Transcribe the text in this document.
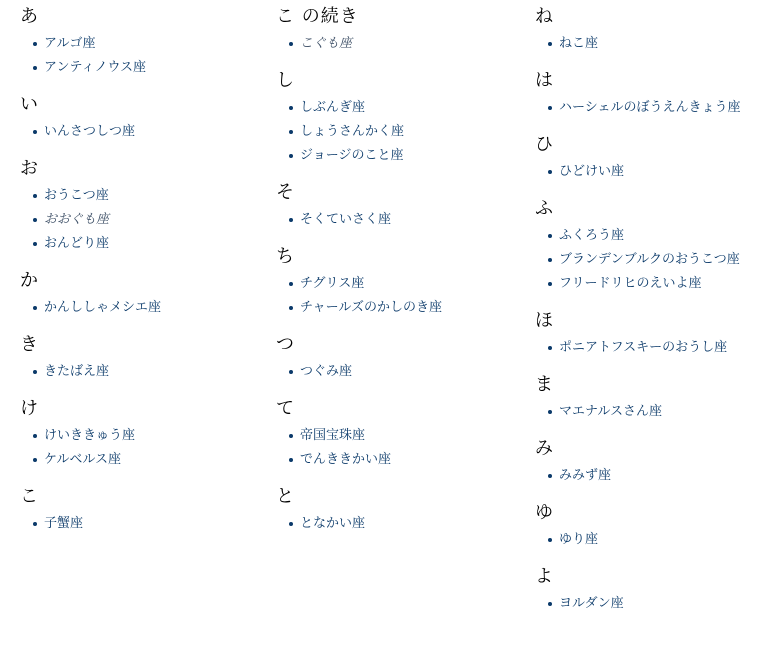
あ
アルゴ座
アンティノウス座
い
いんさつしつ座
お
おうこつ座
おおぐも座
おんどり座
か
かんししゃメシエ座
き
きたばえ座
け
けいききゅう座
ケルベルス座
こ
子蟹座
こ の続き
こぐも座
し
しぶんぎ座
しょうさんかく座
ジョージのこと座
そ
そくていさく座
ち
チグリス座
チャールズのかしのき座
つ
つぐみ座
て
帝国宝珠座
でんききかい座
と
となかい座
ね
ねこ座
は
ハーシェルのぼうえんきょう座
ひ
ひどけい座
ふ
ふくろう座
ブランデンブルクのおうこつ座
フリードリヒのえいよ座
ほ
ポニアトフスキーのおうし座
ま
マエナルスさん座
み
みみず座
ゆ
ゆり座
よ
ヨルダン座
